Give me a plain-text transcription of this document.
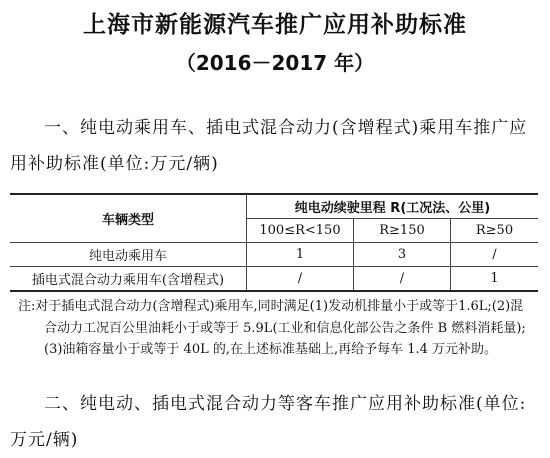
上海市新能源汽车推广应用补助标准
（2016－2017 年）
一、纯电动乘用车、插电式混合动力(含增程式)乘用车推广应用补助标准(单位:万元/辆)
车辆类型	纯电动续驶里程 R(工况法、公里)		
	100≤R<150	R≥150	R≥50
纯电动乘用车	1	3	/
插电式混合动力乘用车(含增程式)	/	/	1
注:对于插电式混合动力(含增程式)乘用车,同时满足(1)发动机排量小于或等于1.6L;(2)混合动力工况百公里油耗小于或等于 5.9L(工业和信息化部公告之条件 B 燃料消耗量);(3)油箱容量小于或等于 40L 的,在上述标准基础上,再给予每车 1.4 万元补助。
二、纯电动、插电式混合动力等客车推广应用补助标准(单位:万元/辆)
